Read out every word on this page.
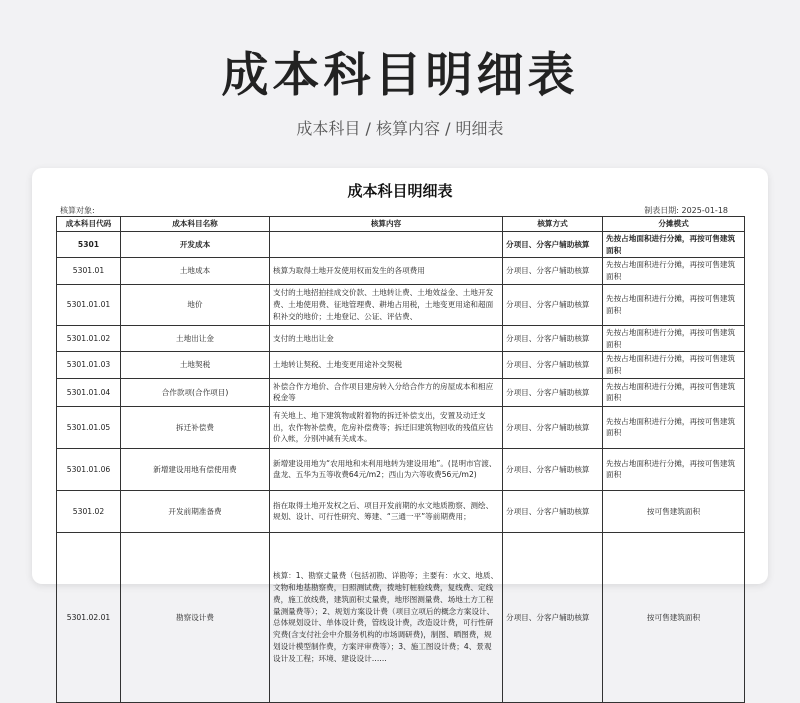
成本科目明细表
成本科目 / 核算内容 / 明细表
成本科目明细表
核算对象:	制表日期: 2025-01-18
成本科目代码	成本科目名称	核算内容	核算方式	分摊模式
5301	开发成本		分项目、分客户辅助核算	先按占地面积进行分摊，再按可售建筑面积
5301.01	土地成本	核算为取得土地开发使用权而发生的各项费用	分项目、分客户辅助核算	先按占地面积进行分摊，再按可售建筑面积
5301.01.01	地价	支付的土地招拍挂成交价款、土地转让费、土地效益金、土地开发费、土地使用费、征地管理费、耕地占用税，土地变更用途和超面积补交的地价；土地登记、公证、评估费、	分项目、分客户辅助核算	先按占地面积进行分摊，再按可售建筑面积
5301.01.02	土地出让金	支付的土地出让金	分项目、分客户辅助核算	先按占地面积进行分摊，再按可售建筑面积
5301.01.03	土地契税	土地转让契税、土地变更用途补交契税	分项目、分客户辅助核算	先按占地面积进行分摊，再按可售建筑面积
5301.01.04	合作款项(合作项目)	补偿合作方地价、合作项目建房转入分给合作方的房屋成本和相应税金等	分项目、分客户辅助核算	先按占地面积进行分摊，再按可售建筑面积
5301.01.05	拆迁补偿费	有关地上、地下建筑物或附着物的拆迁补偿支出，安置及动迁支出，农作物补偿费，危房补偿费等；拆迁旧建筑物回收的残值应估价入帐，分别冲减有关成本。	分项目、分客户辅助核算	先按占地面积进行分摊，再按可售建筑面积
5301.01.06	新增建设用地有偿使用费	新增建设用地为“农用地和未利用地转为建设用地”。(昆明市官渡、盘龙、五华为五等收费64元/m2；西山为六等收费56元/m2)	分项目、分客户辅助核算	先按占地面积进行分摊，再按可售建筑面积
5301.02	开发前期准备费	指在取得土地开发权之后、项目开发前期的水文地质勘察、测绘、规划、设计、可行性研究、筹建、“三通一平”等前期费用；	分项目、分客户辅助核算	按可售建筑面积
5301.02.01	勘察设计费	核算：1、勘察丈量费（包括初勘、详勘等；主要有：水文、地质、文物和地基勘察费，日照测试费，拨地钉桩验线费，复线费、定线费，施工放线费，建筑面积丈量费，地形图测量费、场地土方工程量测量费等）；2、规划方案设计费（项目立项后的概念方案设计、总体规划设计、单体设计费，管线设计费，改造设计费，可行性研究费(含支付社会中介服务机构的市场调研费)，制图、晒图费，规划设计模型制作费，方案评审费等）；3、施工图设计费；4、景观设计及工程；环境、建设设计……	分项目、分客户辅助核算	按可售建筑面积
